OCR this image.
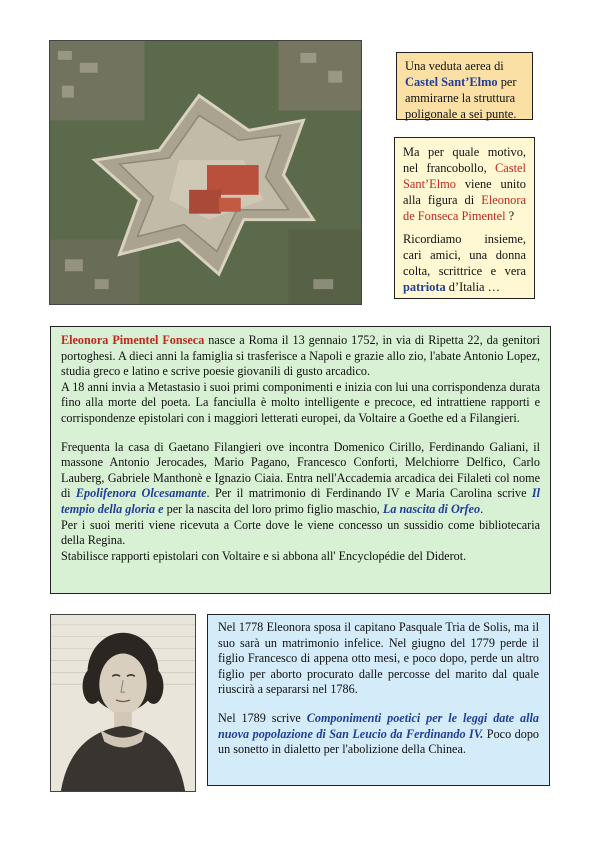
Una veduta aerea di Castel Sant’Elmo per ammirarne la struttura poligonale a sei punte.
Ma per quale motivo, nel francobollo, Castel Sant’Elmo viene unito alla figura di Eleonora de Fonseca Pimentel ?
Ricordiamo insieme, cari amici, una donna colta, scrittrice e vera patriota d’Italia …

Eleonora Pimentel Fonseca nasce a Roma il 13 gennaio 1752, in via di Ripetta 22, da genitori portoghesi. A dieci anni la famiglia si trasferisce a Napoli e grazie allo zio, l'abate Antonio Lopez, studia greco e latino e scrive poesie giovanili di gusto arcadico.

A 18 anni invia a Metastasio i suoi primi componimenti e inizia con lui una corrispondenza durata fino alla morte del poeta. La fanciulla è molto intelligente e precoce, ed intrattiene rapporti e corrispondenze epistolari con i maggiori letterati europei, da Voltaire a Goethe ed a Filangieri.

Frequenta la casa di Gaetano Filangieri ove incontra Domenico Cirillo, Ferdinando Galiani, il massone Antonio Jerocades, Mario Pagano, Francesco Conforti, Melchiorre Delfico, Carlo Lauberg, Gabriele Manthonè e Ignazio Ciaia. Entra nell'Accademia arcadica dei Filaleti col nome di Epolifenora Olcesamante. Per il matrimonio di Ferdinando IV e Maria Carolina scrive Il tempio della gloria e per la nascita del loro primo figlio maschio, La nascita di Orfeo.

Per i suoi meriti viene ricevuta a Corte dove le viene concesso un sussidio come bibliotecaria della Regina.

Stabilisce rapporti epistolari con Voltaire e si abbona all' Encyclopédie del Diderot.

Nel 1778 Eleonora sposa il capitano Pasquale Tria de Solis, ma il suo sarà un matrimonio infelice. Nel giugno del 1779 perde il figlio Francesco di appena otto mesi, e poco dopo, perde un altro figlio per aborto procurato dalle percosse del marito dal quale riuscirà a separarsi nel 1786.

Nel 1789 scrive Componimenti poetici per le leggi date alla nuova popolazione di San Leucio da Ferdinando IV. Poco dopo un sonetto in dialetto per l'abolizione della Chinea.
